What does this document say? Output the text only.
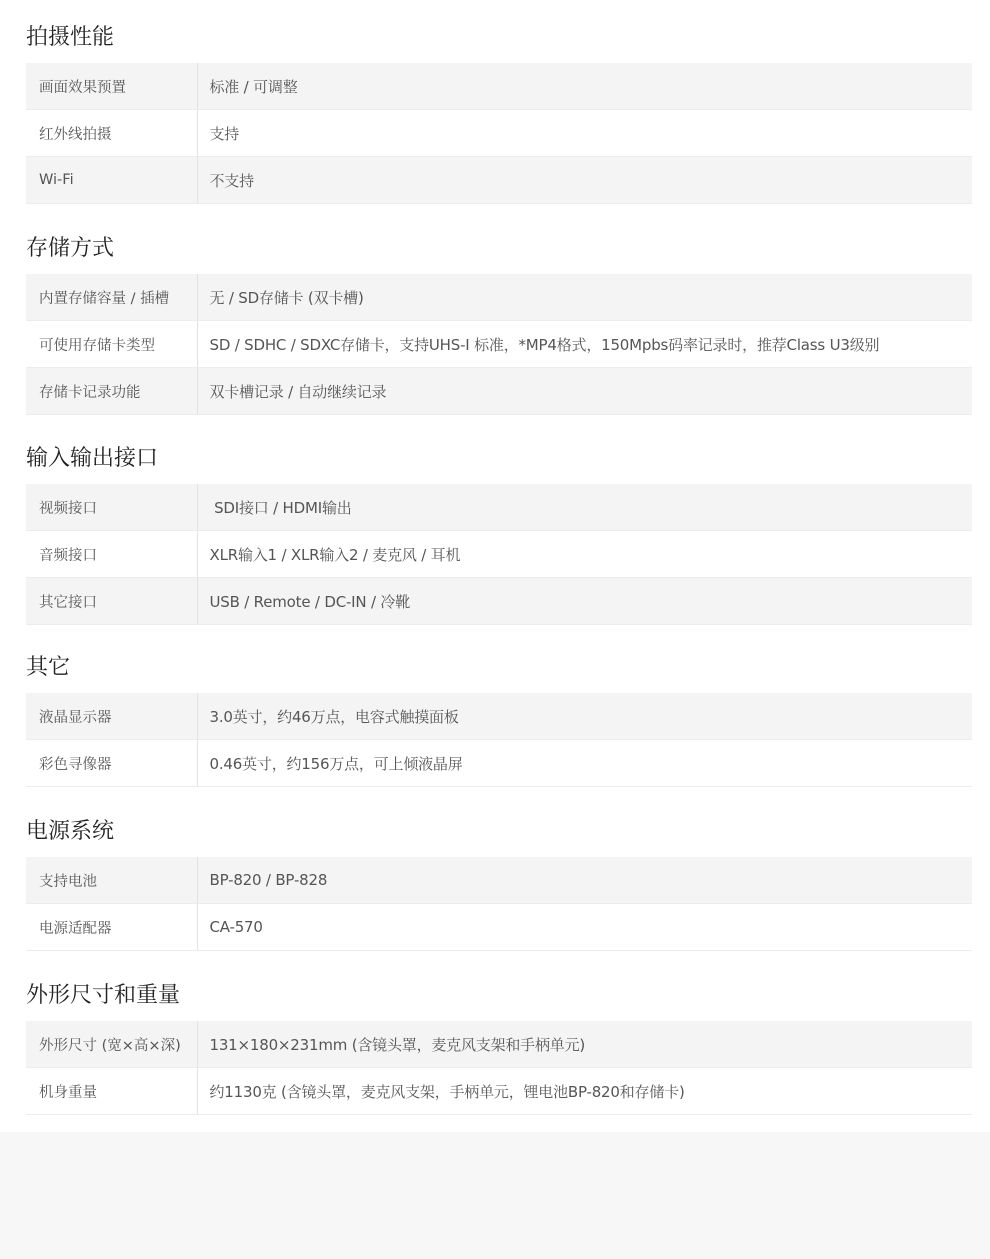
拍摄性能
画面效果预置	标准 / 可调整
红外线拍摄	支持
Wi-Fi	不支持
存储方式
内置存储容量 / 插槽	无 / SD存储卡 (双卡槽)
可使用存储卡类型	SD / SDHC / SDXC存储卡，支持UHS-I 标准，*MP4格式，150Mpbs码率记录时，推荐Class U3级别
存储卡记录功能	双卡槽记录 / 自动继续记录
输入输出接口
视频接口	SDI接口 / HDMI输出
音频接口	XLR输入1 / XLR输入2 / 麦克风 / 耳机
其它接口	USB / Remote / DC-IN / 冷靴
其它
液晶显示器	3.0英寸，约46万点，电容式触摸面板
彩色寻像器	0.46英寸，约156万点，可上倾液晶屏
电源系统
支持电池	BP-820 / BP-828
电源适配器	CA-570
外形尺寸和重量
外形尺寸 (宽×高×深)	131×180×231mm (含镜头罩，麦克风支架和手柄单元)
机身重量	约1130克 (含镜头罩，麦克风支架，手柄单元，锂电池BP-820和存储卡)
